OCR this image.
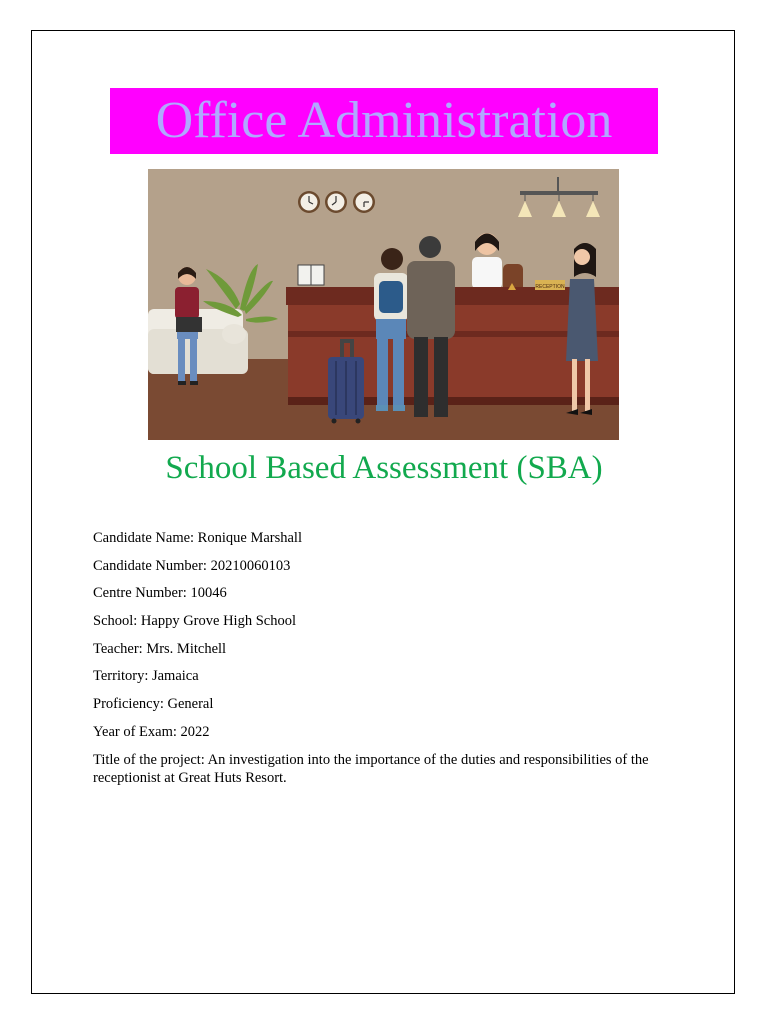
Office Administration
RECEPTION
School Based Assessment (SBA)
Candidate Name: Ronique Marshall
Candidate Number: 20210060103
Centre Number: 10046
School: Happy Grove High School
Teacher: Mrs. Mitchell
Territory: Jamaica
Proficiency: General
Year of Exam: 2022
Title of the project: An investigation into the importance of the duties and responsibilities of the receptionist at Great Huts Resort.
